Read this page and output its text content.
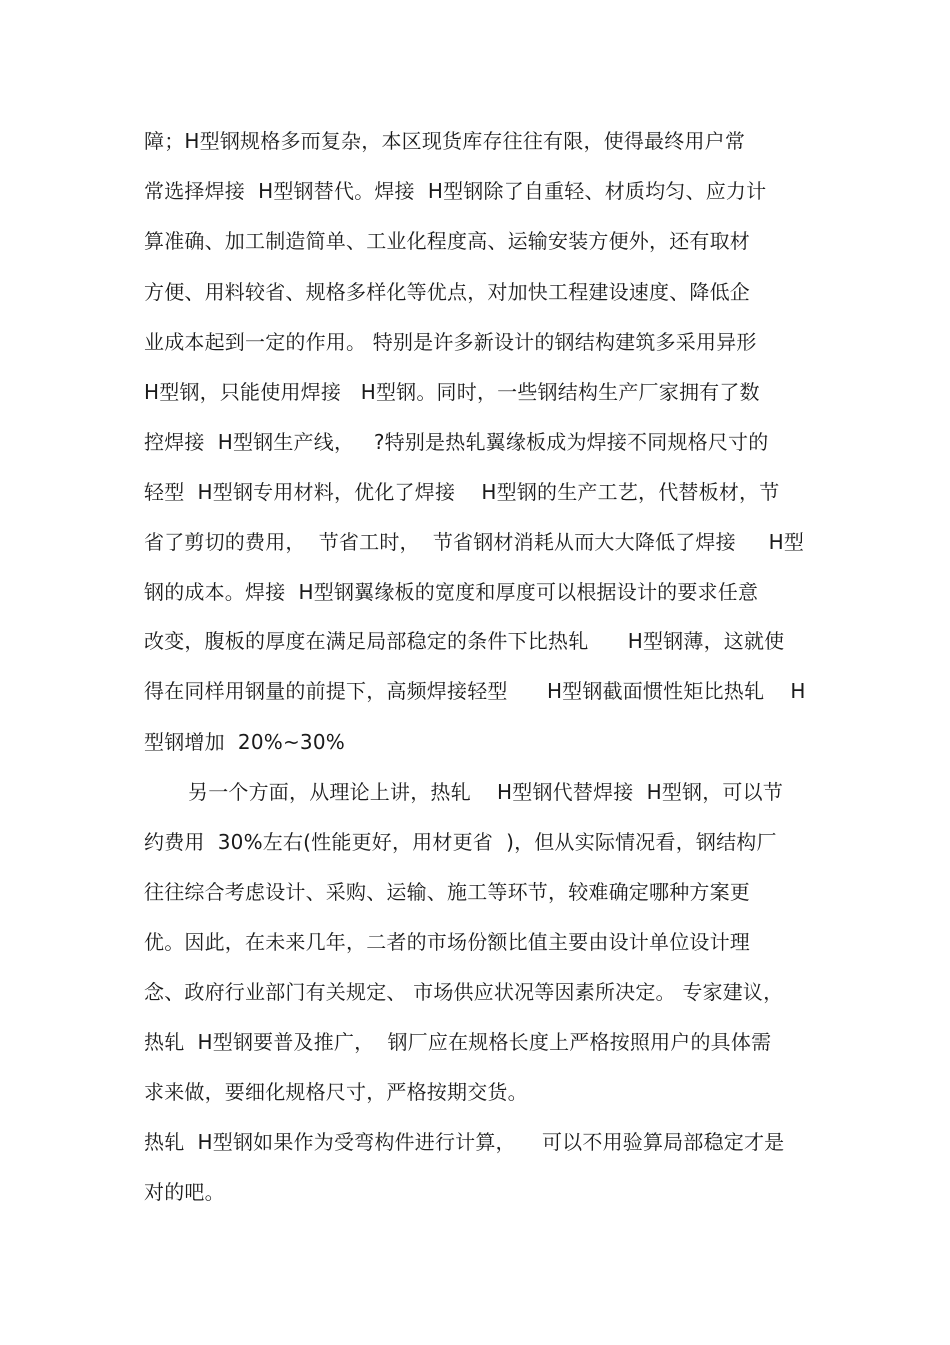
障；H型钢规格多而复杂，本区现货库存往往有限，使得最终用户常
常选择焊接  H型钢替代。焊接  H型钢除了自重轻、材质均匀、应力计
算准确、加工制造简单、工业化程度高、运输安装方便外，还有取材
方便、用料较省、规格多样化等优点，对加快工程建设速度、降低企
业成本起到一定的作用。 特别是许多新设计的钢结构建筑多采用异形
H型钢，只能使用焊接   H型钢。同时，一些钢结构生产厂家拥有了数
控焊接  H型钢生产线，   ?特别是热轧翼缘板成为焊接不同规格尺寸的
轻型  H型钢专用材料，优化了焊接    H型钢的生产工艺，代替板材，节
省了剪切的费用，  节省工时，  节省钢材消耗从而大大降低了焊接     H型
钢的成本。焊接  H型钢翼缘板的宽度和厚度可以根据设计的要求任意
改变，腹板的厚度在满足局部稳定的条件下比热轧      H型钢薄，这就使
得在同样用钢量的前提下，高频焊接轻型      H型钢截面惯性矩比热轧    H
型钢增加  20%~30%
另一个方面，从理论上讲，热轧    H型钢代替焊接  H型钢，可以节
约费用  30%左右(性能更好，用材更省  )，但从实际情况看，钢结构厂
往往综合考虑设计、采购、运输、施工等环节，较难确定哪种方案更
优。因此，在未来几年，二者的市场份额比值主要由设计单位设计理
念、政府行业部门有关规定、 市场供应状况等因素所决定。 专家建议，
热轧  H型钢要普及推广，  钢厂应在规格长度上严格按照用户的具体需
求来做，要细化规格尺寸，严格按期交货。
热轧  H型钢如果作为受弯构件进行计算，    可以不用验算局部稳定才是
对的吧。
